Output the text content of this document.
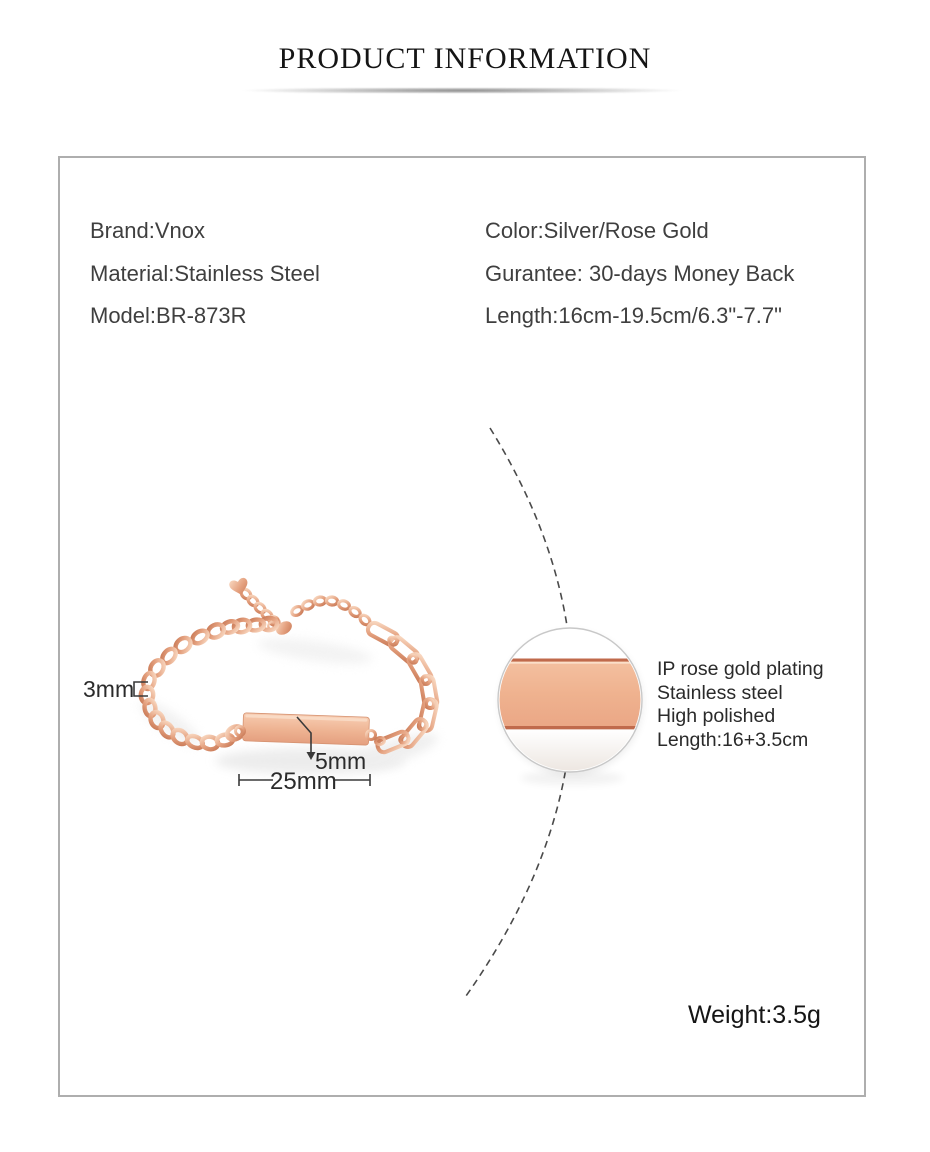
PRODUCT INFORMATION

Brand:Vnox

Material:Stainless Steel

Model:BR-873R

Color:Silver/Rose Gold

Gurantee: 30-days Money Back

Length:16cm-19.5cm/6.3"-7.7"

3mm

5mm

25mm

IP rose gold plating

Stainless steel

High polished

Length:16+3.5cm

Weight:3.5g
